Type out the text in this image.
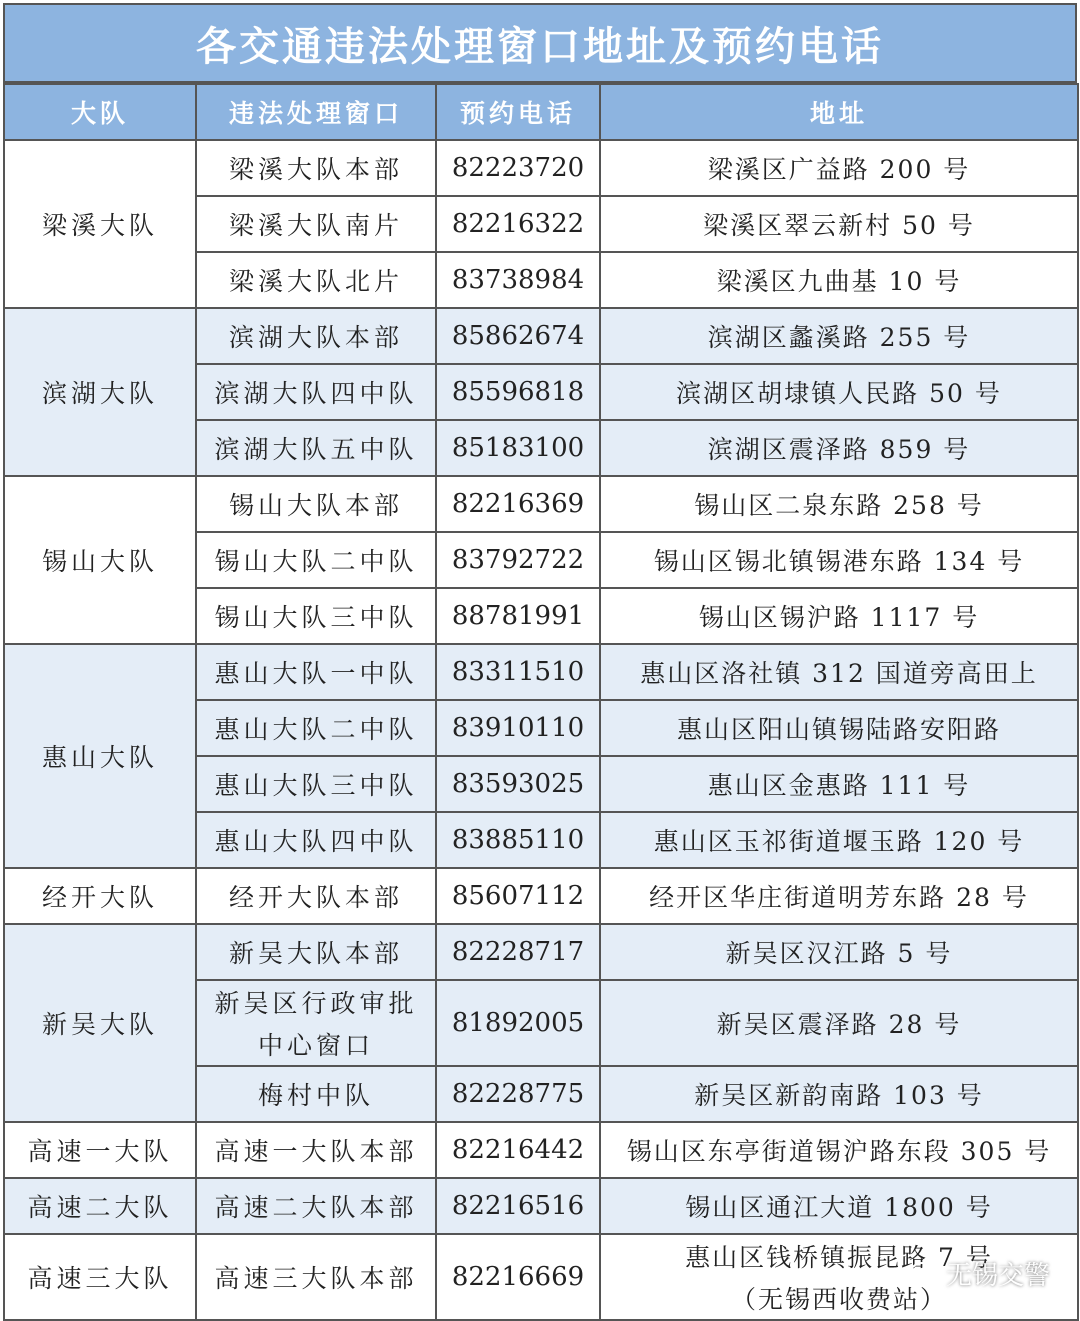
各交通违法处理窗口地址及预约电话
大队	违法处理窗口	预约电话	地址
梁溪大队	梁溪大队本部	82223720	梁溪区广益路 200 号

	梁溪大队南片	82216322	梁溪区翠云新村 50 号

	梁溪大队北片	83738984	梁溪区九曲基 10 号

滨湖大队	滨湖大队本部	85862674	滨湖区蠡溪路 255 号

	滨湖大队四中队	85596818	滨湖区胡埭镇人民路 50 号

	滨湖大队五中队	85183100	滨湖区震泽路 859 号

锡山大队	锡山大队本部	82216369	锡山区二泉东路 258 号

	锡山大队二中队	83792722	锡山区锡北镇锡港东路 134 号

	锡山大队三中队	88781991	锡山区锡沪路 1117 号

惠山大队	惠山大队一中队	83311510	惠山区洛社镇 312 国道旁高田上

	惠山大队二中队	83910110	惠山区阳山镇锡陆路安阳路

	惠山大队三中队	83593025	惠山区金惠路 111 号

	惠山大队四中队	83885110	惠山区玉祁街道堰玉路 120 号

经开大队	经开大队本部	85607112	经开区华庄街道明芳东路 28 号

新吴大队	新吴大队本部	82228717	新吴区汉江路 5 号

	新吴区行政审批
中心窗口	81892005	新吴区震泽路 28 号

	梅村中队	82228775	新吴区新韵南路 103 号

高速一大队	高速一大队本部	82216442	锡山区东亭街道锡沪路东段 305 号

高速二大队	高速二大队本部	82216516	锡山区通江大道 1800 号

高速三大队	高速三大队本部	82216669	惠山区钱桥镇振昆路 7 号
（无锡西收费站）
无锡交警
